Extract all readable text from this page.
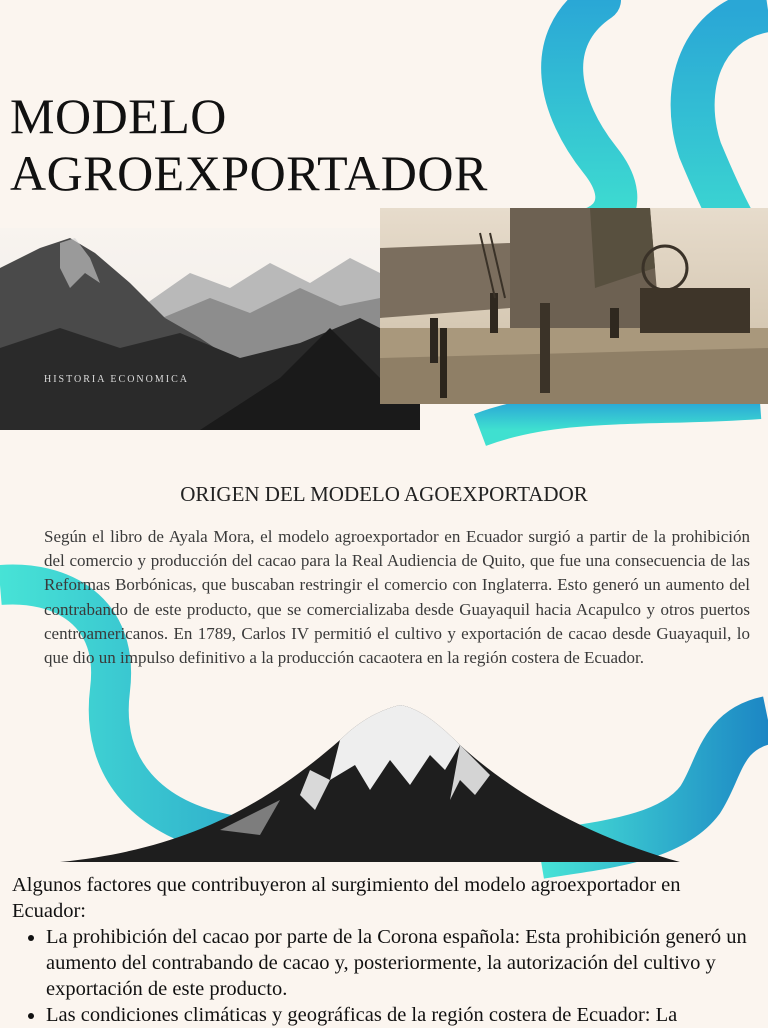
MODELO
AGROEXPORTADOR
HISTORIA ECONOMICA
ORIGEN DEL MODELO AGOEXPORTADOR

Según el libro de Ayala Mora, el modelo agroexportador en Ecuador surgió a partir de la prohibición del comercio y producción del cacao para la Real Audiencia de Quito, que fue una consecuencia de las Reformas Borbónicas, que buscaban restringir el comercio con Inglaterra. Esto generó un aumento del contrabando de este producto, que se comercializaba desde Guayaquil hacia Acapulco y otros puertos centroamericanos. En 1789, Carlos IV permitió el cultivo y exportación de cacao desde Guayaquil, lo que dio un impulso definitivo a la producción cacaotera en la región costera de Ecuador.

Algunos factores que contribuyeron al surgimiento del modelo agroexportador en Ecuador:
• La prohibición del cacao por parte de la Corona española: Esta prohibición generó un aumento del contrabando de cacao y, posteriormente, la autorización del cultivo y exportación de este producto.
• Las condiciones climáticas y geográficas de la región costera de Ecuador: La
